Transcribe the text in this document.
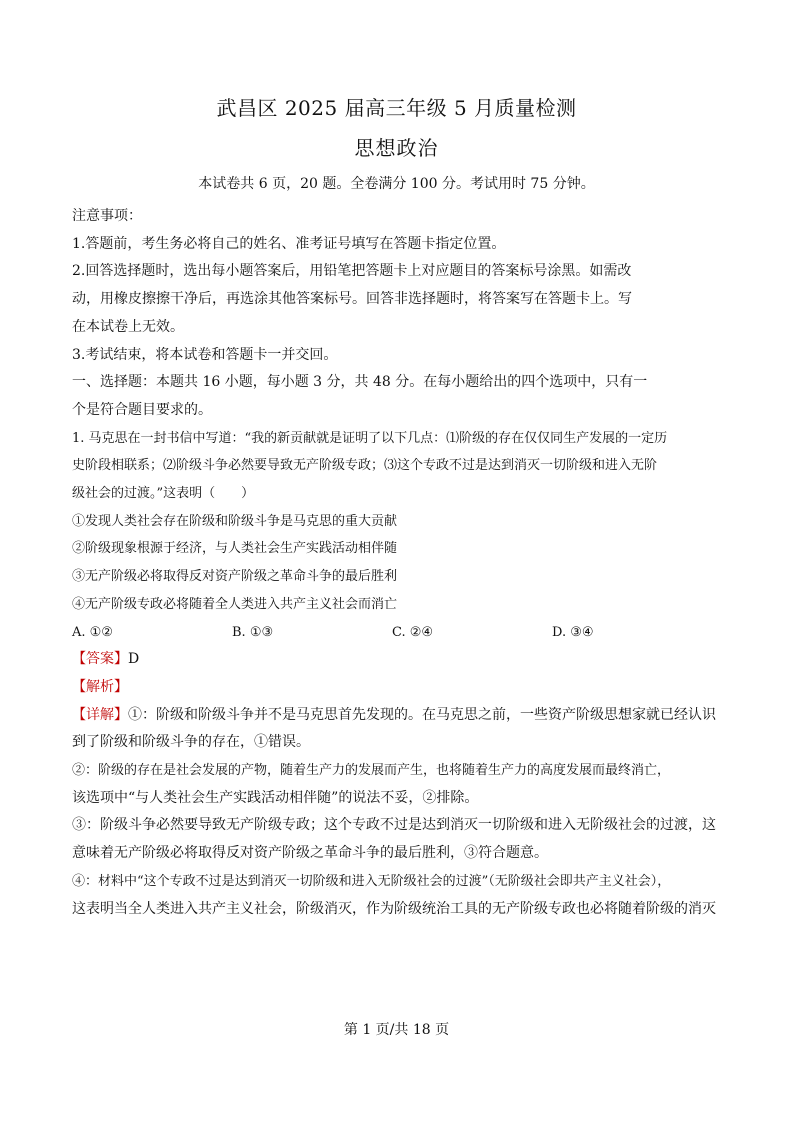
武昌区 2025 届高三年级 5 月质量检测
思想政治
本试卷共 6 页，20 题。全卷满分 100 分。考试用时 75 分钟。

注意事项：

1.答题前，考生务必将自己的姓名、准考证号填写在答题卡指定位置。

2.回答选择题时，选出每小题答案后，用铅笔把答题卡上对应题目的答案标号涂黑。如需改

动，用橡皮擦擦干净后，再选涂其他答案标号。回答非选择题时，将答案写在答题卡上。写

在本试卷上无效。

3.考试结束，将本试卷和答题卡一并交回。

一、选择题：本题共 16 小题，每小题 3 分，共 48 分。在每小题给出的四个选项中，只有一

个是符合题目要求的。

1. 马克思在一封书信中写道：“我的新贡献就是证明了以下几点：⑴阶级的存在仅仅同生产发展的一定历

史阶段相联系；⑵阶级斗争必然要导致无产阶级专政；⑶这个专政不过是达到消灭一切阶级和进入无阶

级社会的过渡。”这表明（　　）

①发现人类社会存在阶级和阶级斗争是马克思的重大贡献

②阶级现象根源于经济，与人类社会生产实践活动相伴随

③无产阶级必将取得反对资产阶级之革命斗争的最后胜利

④无产阶级专政必将随着全人类进入共产主义社会而消亡

A. ①②	B. ①③	C. ②④	D. ③④

【答案】D

【解析】

【详解】①：阶级和阶级斗争并不是马克思首先发现的。在马克思之前，一些资产阶级思想家就已经认识

到了阶级和阶级斗争的存在，①错误。

②：阶级的存在是社会发展的产物，随着生产力的发展而产生，也将随着生产力的高度发展而最终消亡，

该选项中“与人类社会生产实践活动相伴随”的说法不妥，②排除。

③：阶级斗争必然要导致无产阶级专政；这个专政不过是达到消灭一切阶级和进入无阶级社会的过渡，这

意味着无产阶级必将取得反对资产阶级之革命斗争的最后胜利，③符合题意。

④：材料中“这个专政不过是达到消灭一切阶级和进入无阶级社会的过渡”（无阶级社会即共产主义社会），

这表明当全人类进入共产主义社会，阶级消灭，作为阶级统治工具的无产阶级专政也必将随着阶级的消灭

第 1 页/共 18 页
